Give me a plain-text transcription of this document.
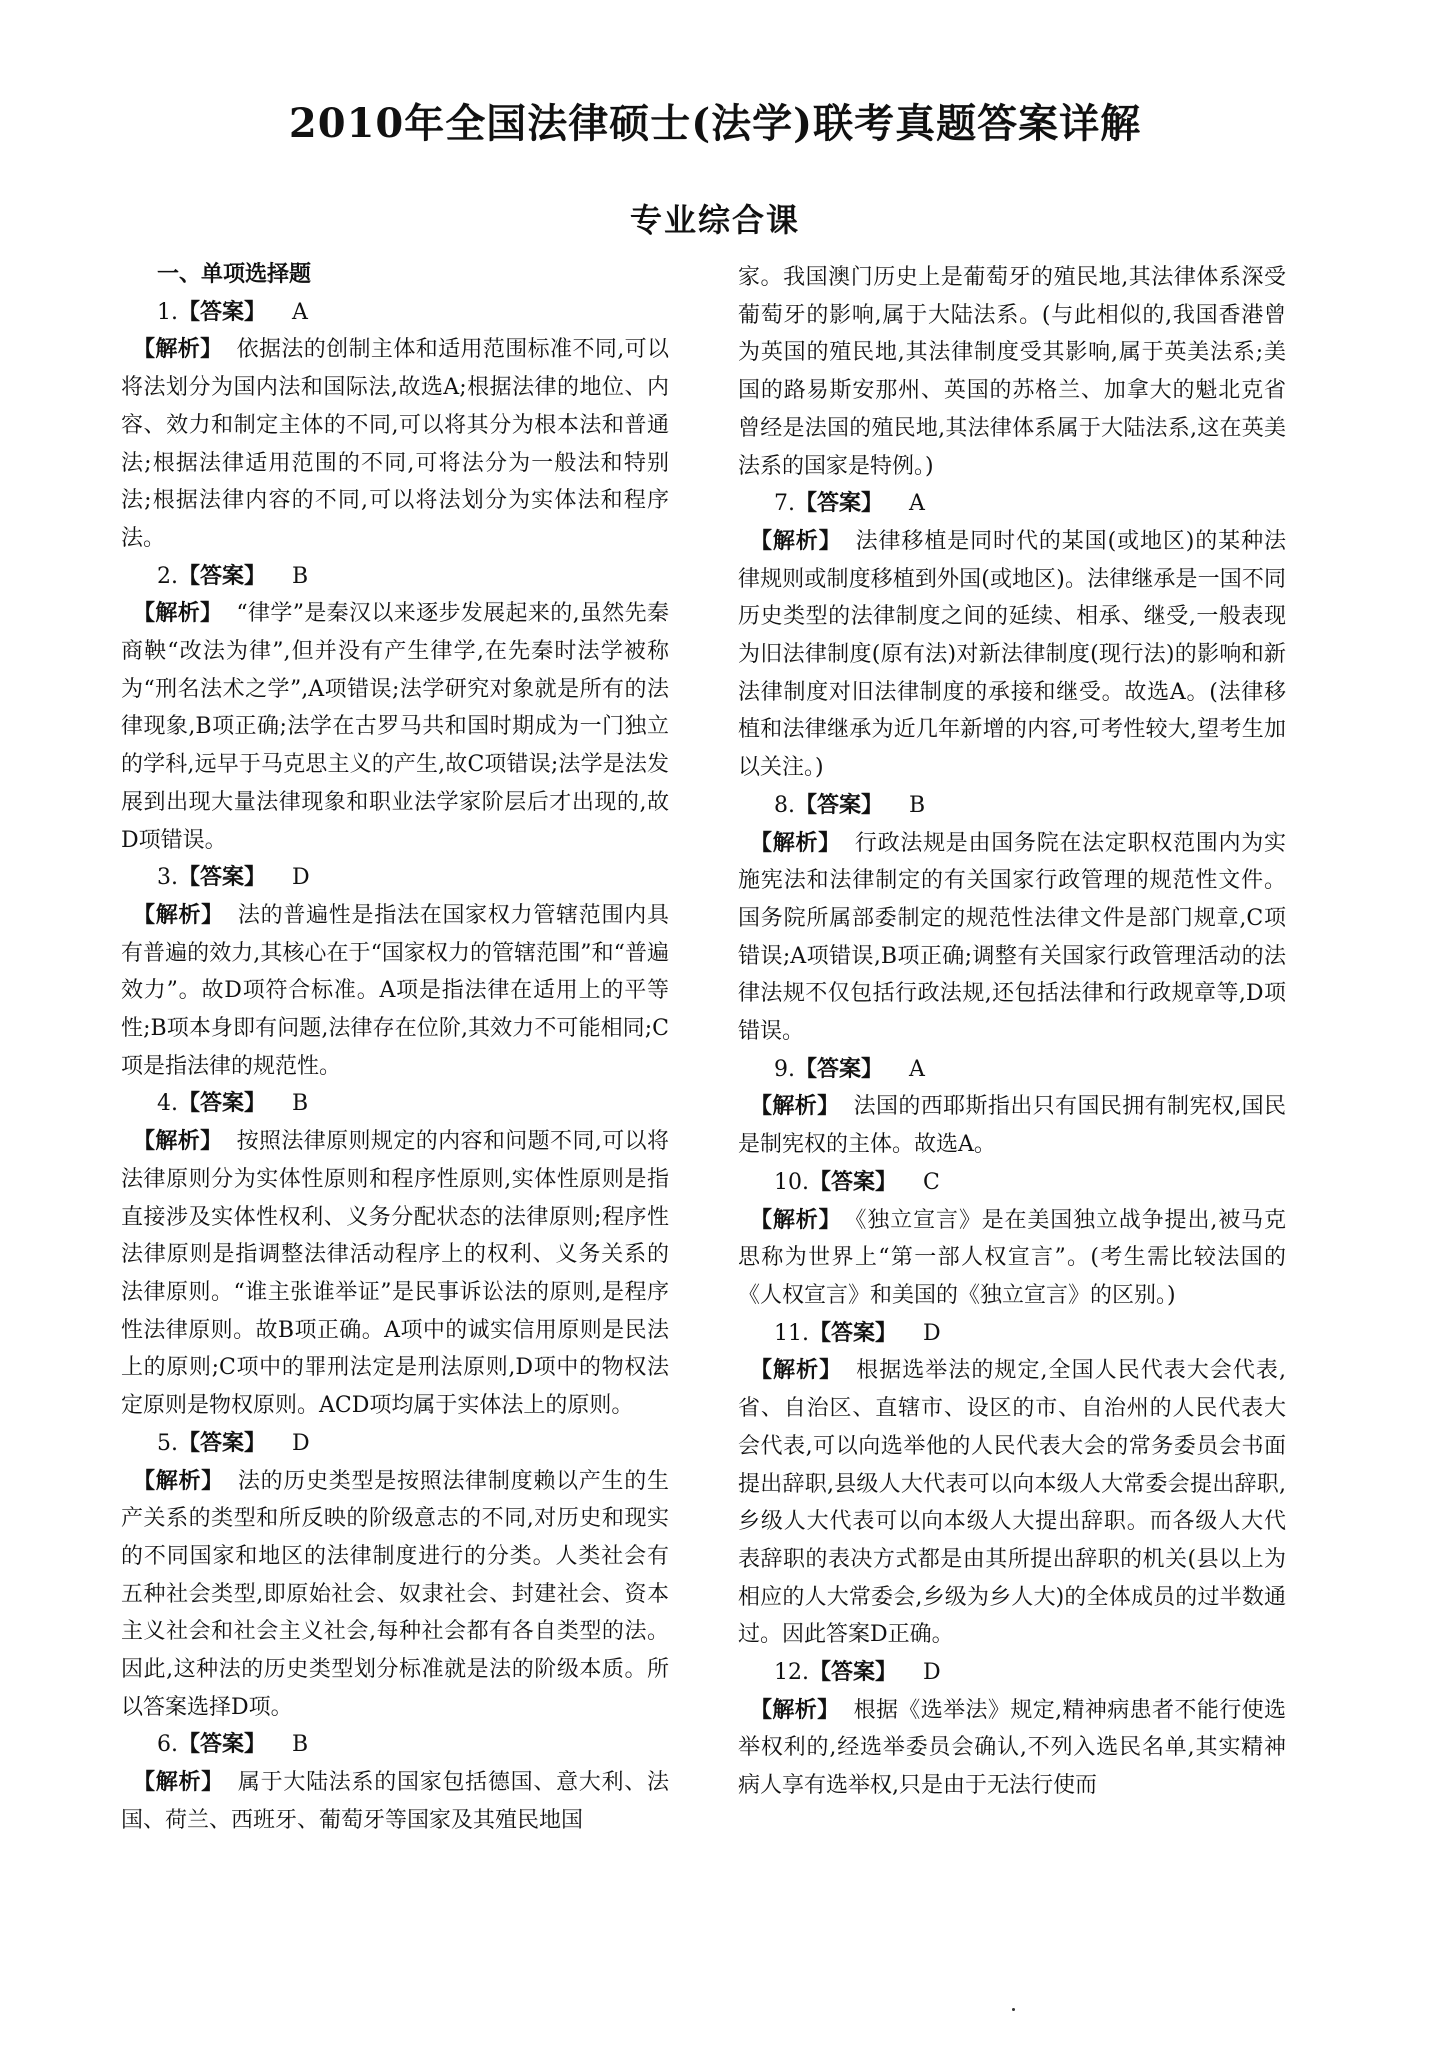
2010年全国法律硕士(法学)联考真题答案详解
专业综合课
一、单项选择题
1.【答案】 A
【解析】 依据法的创制主体和适用范围标准不同,可以将法划分为国内法和国际法,故选A;根据法律的地位、内容、效力和制定主体的不同,可以将其分为根本法和普通法;根据法律适用范围的不同,可将法分为一般法和特别法;根据法律内容的不同,可以将法划分为实体法和程序法。
2.【答案】 B
【解析】 “律学”是秦汉以来逐步发展起来的,虽然先秦商鞅“改法为律”,但并没有产生律学,在先秦时法学被称为“刑名法术之学”,A项错误;法学研究对象就是所有的法律现象,B项正确;法学在古罗马共和国时期成为一门独立的学科,远早于马克思主义的产生,故C项错误;法学是法发展到出现大量法律现象和职业法学家阶层后才出现的,故D项错误。
3.【答案】 D
【解析】 法的普遍性是指法在国家权力管辖范围内具有普遍的效力,其核心在于“国家权力的管辖范围”和“普遍效力”。故D项符合标准。A项是指法律在适用上的平等性;B项本身即有问题,法律存在位阶,其效力不可能相同;C项是指法律的规范性。
4.【答案】 B
【解析】 按照法律原则规定的内容和问题不同,可以将法律原则分为实体性原则和程序性原则,实体性原则是指直接涉及实体性权利、义务分配状态的法律原则;程序性法律原则是指调整法律活动程序上的权利、义务关系的法律原则。“谁主张谁举证”是民事诉讼法的原则,是程序性法律原则。故B项正确。A项中的诚实信用原则是民法上的原则;C项中的罪刑法定是刑法原则,D项中的物权法定原则是物权原则。ACD项均属于实体法上的原则。
5.【答案】 D
【解析】 法的历史类型是按照法律制度赖以产生的生产关系的类型和所反映的阶级意志的不同,对历史和现实的不同国家和地区的法律制度进行的分类。人类社会有五种社会类型,即原始社会、奴隶社会、封建社会、资本主义社会和社会主义社会,每种社会都有各自类型的法。因此,这种法的历史类型划分标准就是法的阶级本质。所以答案选择D项。
6.【答案】 B
【解析】 属于大陆法系的国家包括德国、意大利、法国、荷兰、西班牙、葡萄牙等国家及其殖民地国
家。我国澳门历史上是葡萄牙的殖民地,其法律体系深受葡萄牙的影响,属于大陆法系。(与此相似的,我国香港曾为英国的殖民地,其法律制度受其影响,属于英美法系;美国的路易斯安那州、英国的苏格兰、加拿大的魁北克省曾经是法国的殖民地,其法律体系属于大陆法系,这在英美法系的国家是特例。)
7.【答案】 A
【解析】 法律移植是同时代的某国(或地区)的某种法律规则或制度移植到外国(或地区)。法律继承是一国不同历史类型的法律制度之间的延续、相承、继受,一般表现为旧法律制度(原有法)对新法律制度(现行法)的影响和新法律制度对旧法律制度的承接和继受。故选A。(法律移植和法律继承为近几年新增的内容,可考性较大,望考生加以关注。)
8.【答案】 B
【解析】 行政法规是由国务院在法定职权范围内为实施宪法和法律制定的有关国家行政管理的规范性文件。国务院所属部委制定的规范性法律文件是部门规章,C项错误;A项错误,B项正确;调整有关国家行政管理活动的法律法规不仅包括行政法规,还包括法律和行政规章等,D项错误。
9.【答案】 A
【解析】 法国的西耶斯指出只有国民拥有制宪权,国民是制宪权的主体。故选A。
10.【答案】 C
【解析】 《独立宣言》是在美国独立战争提出,被马克思称为世界上“第一部人权宣言”。(考生需比较法国的《人权宣言》和美国的《独立宣言》的区别。)
11.【答案】 D
【解析】 根据选举法的规定,全国人民代表大会代表,省、自治区、直辖市、设区的市、自治州的人民代表大会代表,可以向选举他的人民代表大会的常务委员会书面提出辞职,县级人大代表可以向本级人大常委会提出辞职,乡级人大代表可以向本级人大提出辞职。而各级人大代表辞职的表决方式都是由其所提出辞职的机关(县以上为相应的人大常委会,乡级为乡人大)的全体成员的过半数通过。因此答案D正确。
12.【答案】 D
【解析】 根据《选举法》规定,精神病患者不能行使选举权利的,经选举委员会确认,不列入选民名单,其实精神病人享有选举权,只是由于无法行使而
